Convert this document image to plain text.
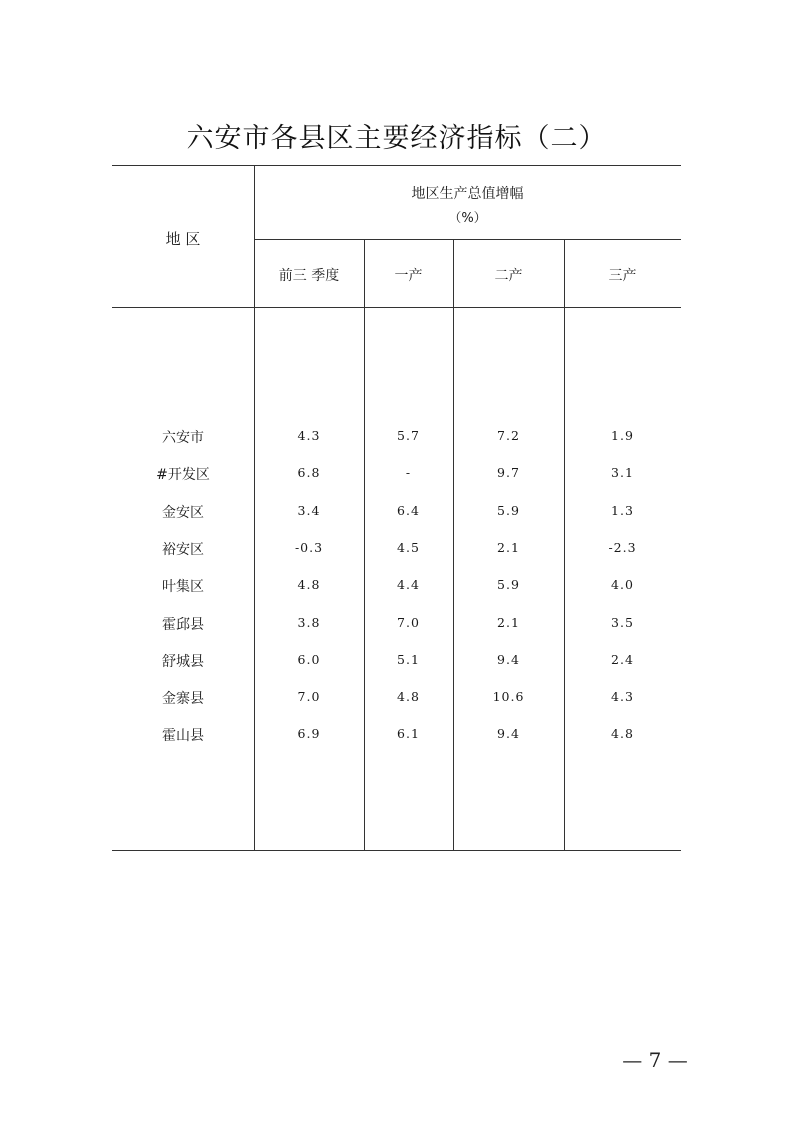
六安市各县区主要经济指标（二）
地 区
地区生产总值增幅
（%）
前三 季度	一产	二产	三产
六安市	4.3	5.7	7.2	1.9
#开发区	6.8	-	9.7	3.1
金安区	3.4	6.4	5.9	1.3
裕安区	-0.3	4.5	2.1	-2.3
叶集区	4.8	4.4	5.9	4.0
霍邱县	3.8	7.0	2.1	3.5
舒城县	6.0	5.1	9.4	2.4
金寨县	7.0	4.8	10.6	4.3
霍山县	6.9	6.1	9.4	4.8
— 7 —
